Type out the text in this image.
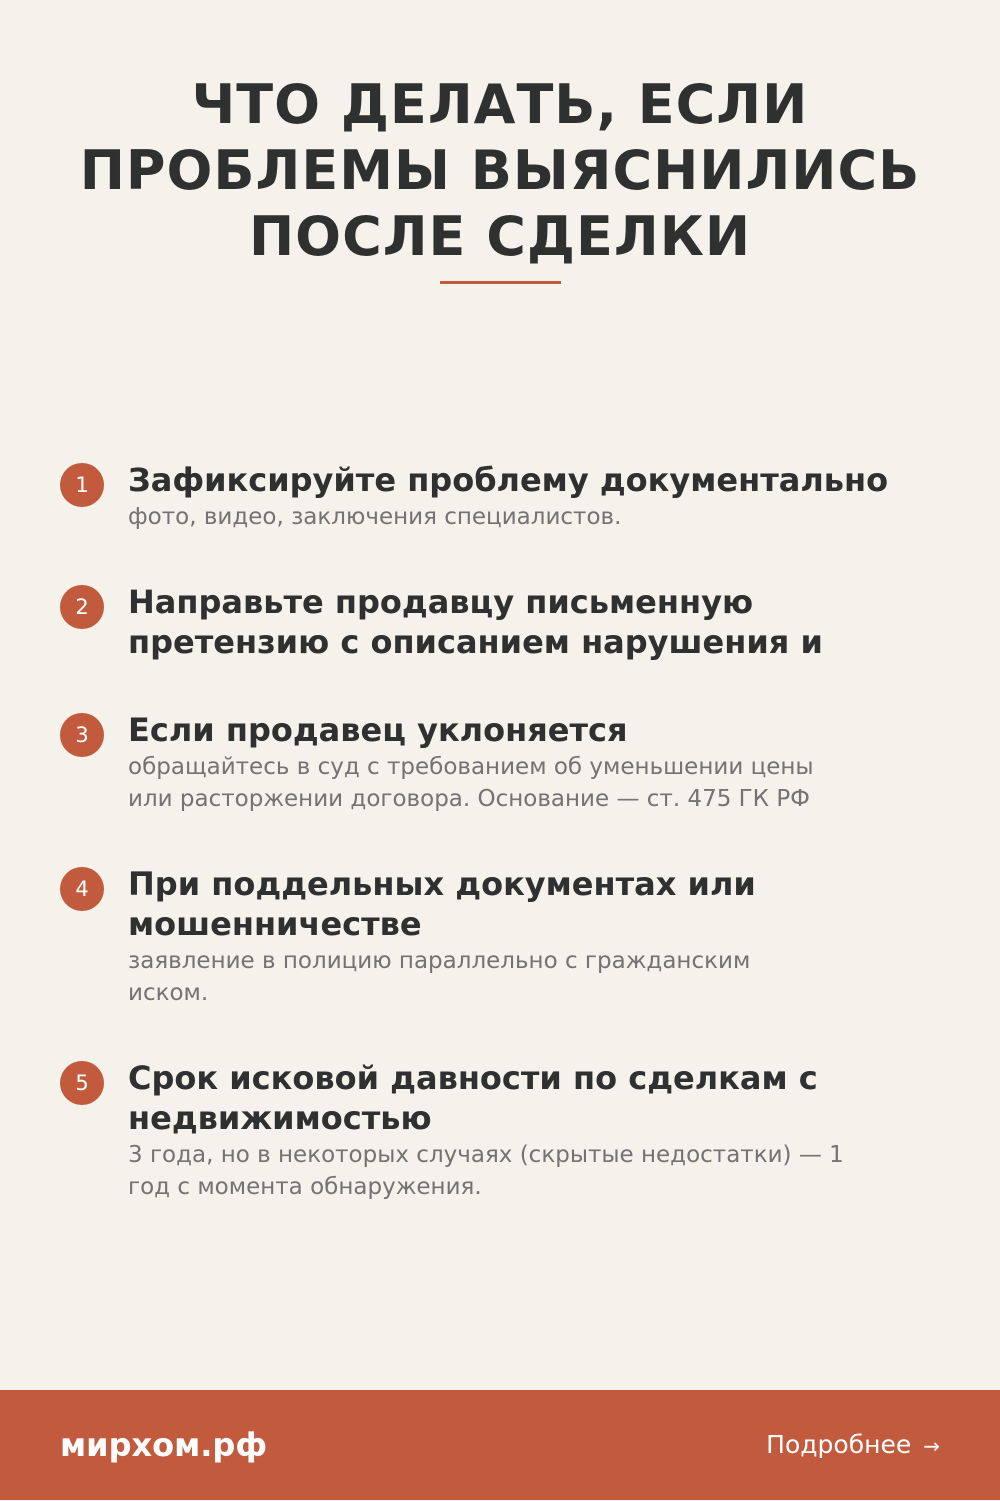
ЧТО ДЕЛАТЬ, ЕСЛИ
ПРОБЛЕМЫ ВЫЯСНИЛИСЬ
ПОСЛЕ СДЕЛКИ
1	Зафиксируйте проблему документально
фото, видео, заключения специалистов.
2	Направьте продавцу письменную
претензию с описанием нарушения и
3	Если продавец уклоняется
обращайтесь в суд с требованием об уменьшении цены
или расторжении договора. Основание — ст. 475 ГК РФ
4	При поддельных документах или
мошенничестве
заявление в полицию параллельно с гражданским
иском.
5	Срок исковой давности по сделкам с
недвижимостью
3 года, но в некоторых случаях (скрытые недостатки) — 1
год с момента обнаружения.
мирхом.рф	Подробнее →
